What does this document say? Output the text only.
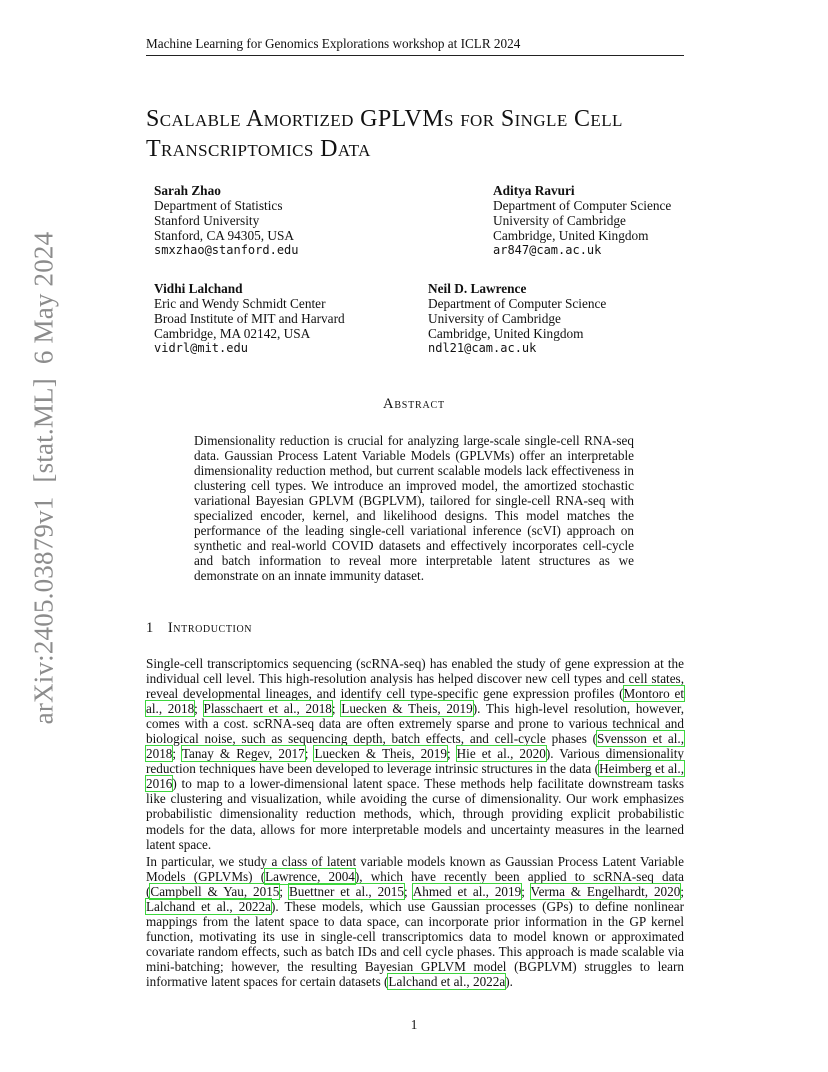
Machine Learning for Genomics Explorations workshop at ICLR 2024
arXiv:2405.03879v1  [stat.ML]  6 May 2024
Scalable Amortized GPLVMs for Single Cell
Transcriptomics Data
Sarah Zhao
Department of Statistics
Stanford University
Stanford, CA 94305, USA
smxzhao@stanford.edu
Aditya Ravuri
Department of Computer Science
University of Cambridge
Cambridge, United Kingdom
ar847@cam.ac.uk
Vidhi Lalchand
Eric and Wendy Schmidt Center
Broad Institute of MIT and Harvard
Cambridge, MA 02142, USA
vidrl@mit.edu
Neil D. Lawrence
Department of Computer Science
University of Cambridge
Cambridge, United Kingdom
ndl21@cam.ac.uk
Abstract
Dimensionality reduction is crucial for analyzing large-scale single-cell RNA-seq data. Gaussian Process Latent Variable Models (GPLVMs) offer an interpretable dimensionality reduction method, but current scalable models lack effectiveness in clustering cell types. We introduce an improved model, the amortized stochastic variational Bayesian GPLVM (BGPLVM), tailored for single-cell RNA-seq with specialized encoder, kernel, and likelihood designs. This model matches the performance of the leading single-cell variational inference (scVI) approach on synthetic and real-world COVID datasets and effectively incorporates cell-cycle and batch information to reveal more interpretable latent structures as we demonstrate on an innate immunity dataset.
1 Introduction
Single-cell transcriptomics sequencing (scRNA-seq) has enabled the study of gene expression at the individual cell level. This high-resolution analysis has helped discover new cell types and cell states, reveal developmental lineages, and identify cell type-specific gene expression profiles (Montoro et al., 2018; Plasschaert et al., 2018; Luecken & Theis, 2019). This high-level resolution, however, comes with a cost. scRNA-seq data are often extremely sparse and prone to various technical and biological noise, such as sequencing depth, batch effects, and cell-cycle phases (Svensson et al., 2018; Tanay & Regev, 2017; Luecken & Theis, 2019; Hie et al., 2020). Various dimensionality reduction techniques have been developed to leverage intrinsic structures in the data (Heimberg et al., 2016) to map to a lower-dimensional latent space. These methods help facilitate downstream tasks like clustering and visualization, while avoiding the curse of dimensionality. Our work emphasizes probabilistic dimensionality reduction methods, which, through providing explicit probabilistic models for the data, allows for more interpretable models and uncertainty measures in the learned latent space.
In particular, we study a class of latent variable models known as Gaussian Process Latent Variable Models (GPLVMs) (Lawrence, 2004), which have recently been applied to scRNA-seq data (Campbell & Yau, 2015; Buettner et al., 2015; Ahmed et al., 2019; Verma & Engelhardt, 2020; Lalchand et al., 2022a). These models, which use Gaussian processes (GPs) to define nonlinear mappings from the latent space to data space, can incorporate prior information in the GP kernel function, motivating its use in single-cell transcriptomics data to model known or approximated covariate random effects, such as batch IDs and cell cycle phases. This approach is made scalable via mini-batching; however, the resulting Bayesian GPLVM model (BGPLVM) struggles to learn informative latent spaces for certain datasets (Lalchand et al., 2022a).
1
